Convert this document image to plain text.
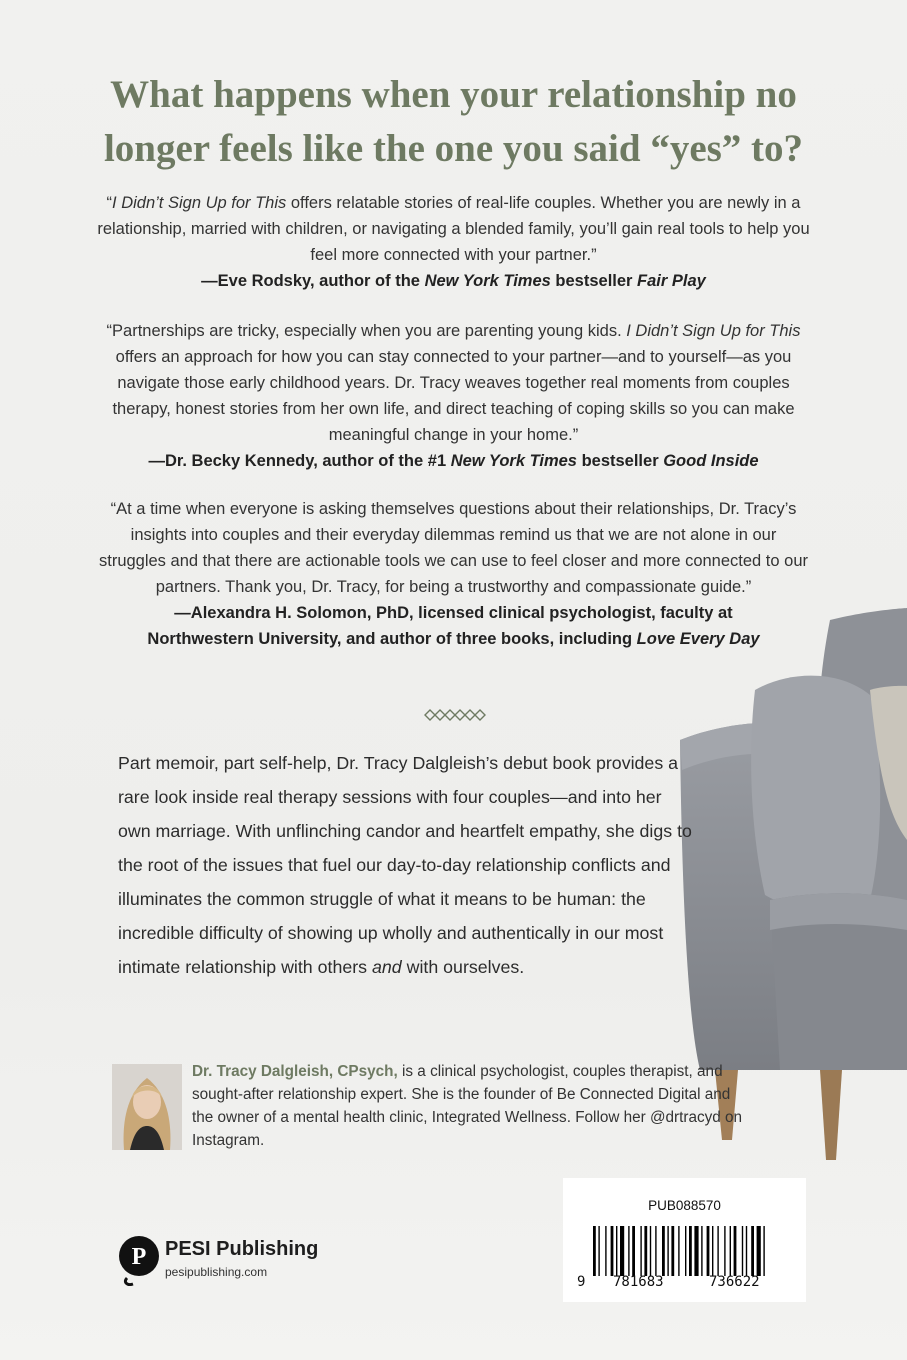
What happens when your relationship no longer feels like the one you said “yes” to?

“I Didn’t Sign Up for This offers relatable stories of real-life couples. Whether you are newly in a relationship, married with children, or navigating a blended family, you’ll gain real tools to help you feel more connected with your partner.”
—Eve Rodsky, author of the New York Times bestseller Fair Play

“Partnerships are tricky, especially when you are parenting young kids. I Didn’t Sign Up for This offers an approach for how you can stay connected to your partner—and to yourself—as you navigate those early childhood years. Dr. Tracy weaves together real moments from couples therapy, honest stories from her own life, and direct teaching of coping skills so you can make meaningful change in your home.”
—Dr. Becky Kennedy, author of the #1 New York Times bestseller Good Inside

“At a time when everyone is asking themselves questions about their relationships, Dr. Tracy’s insights into couples and their everyday dilemmas remind us that we are not alone in our struggles and that there are actionable tools we can use to feel closer and more connected to our partners. Thank you, Dr. Tracy, for being a trustworthy and compassionate guide.”
—Alexandra H. Solomon, PhD, licensed clinical psychologist, faculty at
Northwestern University, and author of three books, including Love Every Day

Part memoir, part self-help, Dr. Tracy Dalgleish’s debut book provides a rare look inside real therapy sessions with four couples—and into her own marriage. With unflinching candor and heartfelt empathy, she digs to the root of the issues that fuel our day-to-day relationship conflicts and illuminates the common struggle of what it means to be human: the incredible difficulty of showing up wholly and authentically in our most intimate relationship with others and with ourselves.

Dr. Tracy Dalgleish, CPsych, is a clinical psychologist, couples therapist, and sought-after relationship expert. She is the founder of Be Connected Digital and the owner of a mental health clinic, Integrated Wellness. Follow her @drtracyd on Instagram.

P PESI Publishing
pesipublishing.com
PUB088570
9 781683	736622
